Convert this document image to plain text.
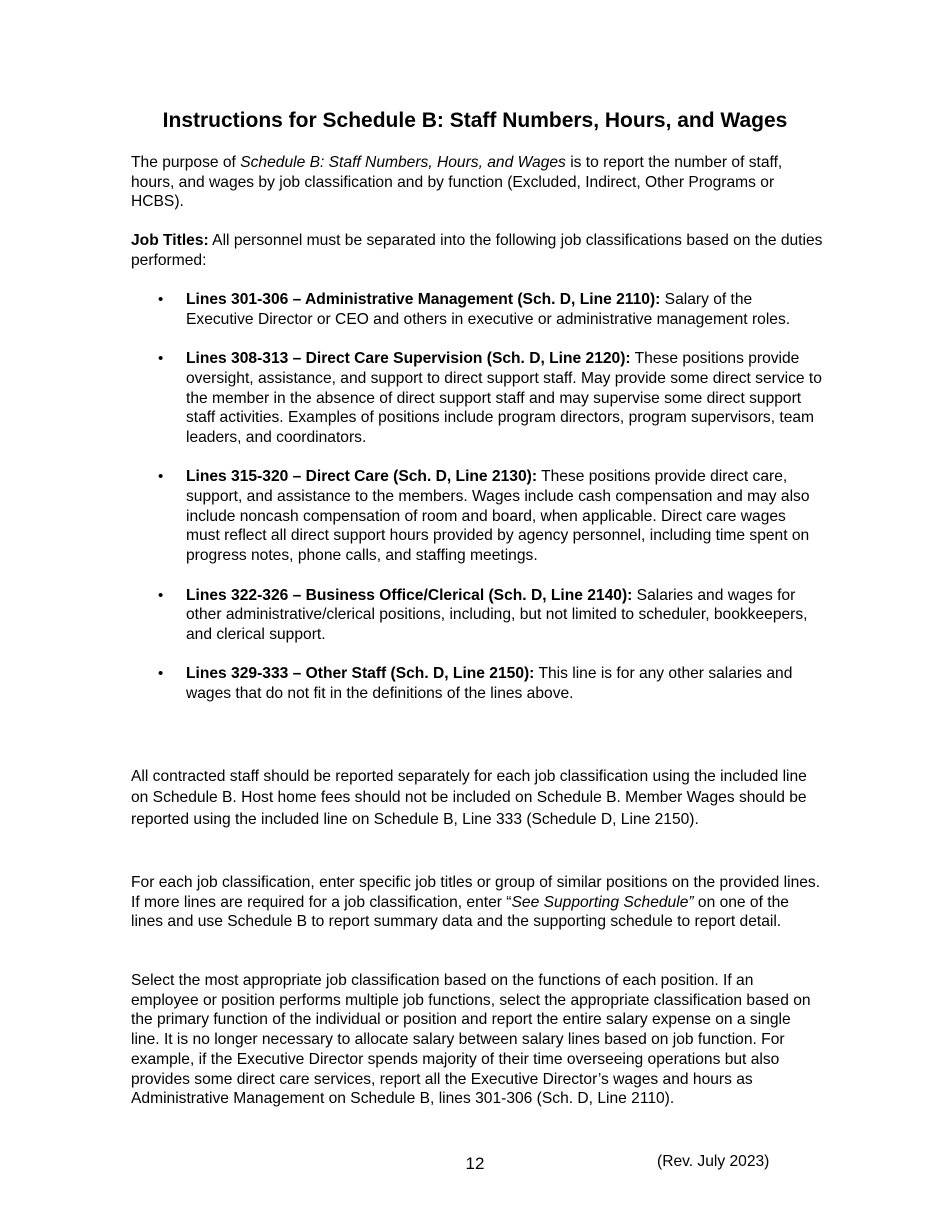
Instructions for Schedule B: Staff Numbers, Hours, and Wages

The purpose of Schedule B: Staff Numbers, Hours, and Wages is to report the number of staff, hours, and wages by job classification and by function (Excluded, Indirect, Other Programs or HCBS).

Job Titles: All personnel must be separated into the following job classifications based on the duties performed:

• Lines 301-306 – Administrative Management (Sch. D, Line 2110): Salary of the Executive Director or CEO and others in executive or administrative management roles.
• Lines 308-313 – Direct Care Supervision (Sch. D, Line 2120): These positions provide oversight, assistance, and support to direct support staff. May provide some direct service to the member in the absence of direct support staff and may supervise some direct support staff activities. Examples of positions include program directors, program supervisors, team leaders, and coordinators.
• Lines 315-320 – Direct Care (Sch. D, Line 2130): These positions provide direct care, support, and assistance to the members. Wages include cash compensation and may also include noncash compensation of room and board, when applicable. Direct care wages must reflect all direct support hours provided by agency personnel, including time spent on progress notes, phone calls, and staffing meetings.
• Lines 322-326 – Business Office/Clerical (Sch. D, Line 2140): Salaries and wages for other administrative/clerical positions, including, but not limited to scheduler, bookkeepers, and clerical support.
• Lines 329-333 – Other Staff (Sch. D, Line 2150): This line is for any other salaries and wages that do not fit in the definitions of the lines above.

All contracted staff should be reported separately for each job classification using the included line on Schedule B. Host home fees should not be included on Schedule B. Member Wages should be reported using the included line on Schedule B, Line 333 (Schedule D, Line 2150).

For each job classification, enter specific job titles or group of similar positions on the provided lines. If more lines are required for a job classification, enter “See Supporting Schedule” on one of the lines and use Schedule B to report summary data and the supporting schedule to report detail.

Select the most appropriate job classification based on the functions of each position. If an employee or position performs multiple job functions, select the appropriate classification based on the primary function of the individual or position and report the entire salary expense on a single line. It is no longer necessary to allocate salary between salary lines based on job function. For example, if the Executive Director spends majority of their time overseeing operations but also provides some direct care services, report all the Executive Director’s wages and hours as Administrative Management on Schedule B, lines 301-306 (Sch. D, Line 2110).

12	(Rev. July 2023)
